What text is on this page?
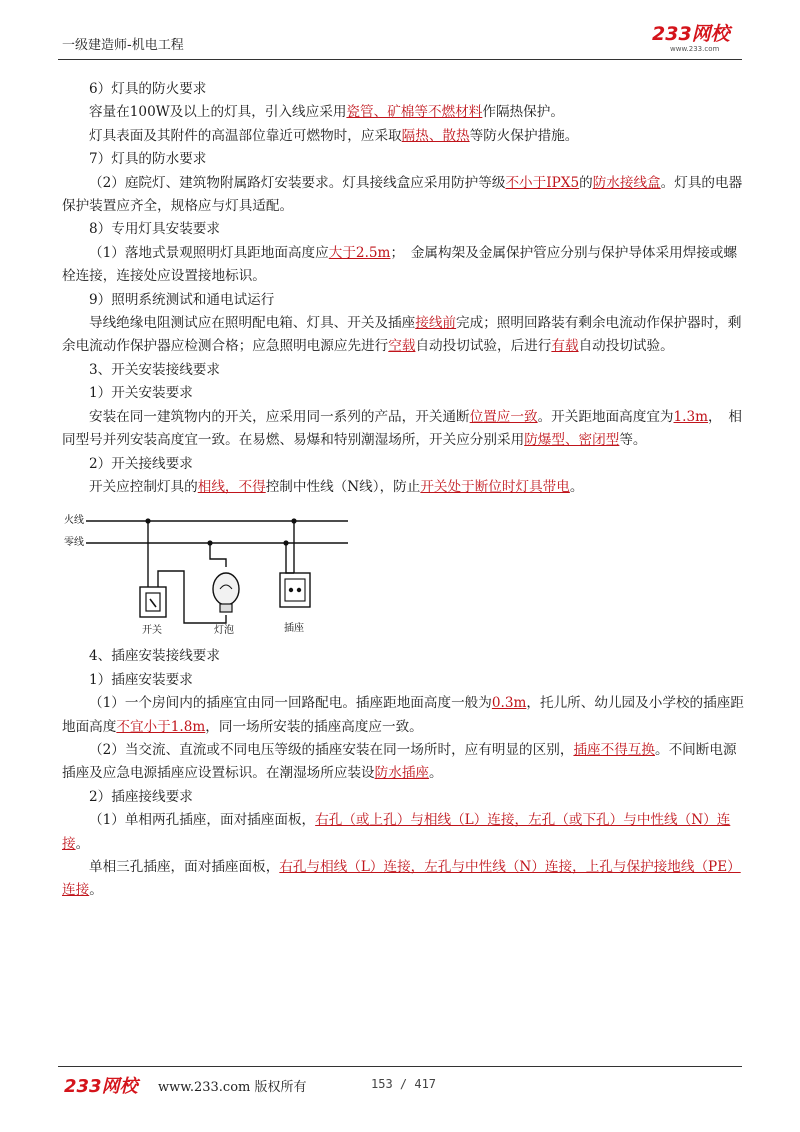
一级建造师-机电工程
233网校
www.233.com

6）灯具的防火要求

容量在100W及以上的灯具，引入线应采用瓷管、矿棉等不燃材料作隔热保护。

灯具表面及其附件的高温部位靠近可燃物时，应采取隔热、散热等防火保护措施。

7）灯具的防水要求

（2）庭院灯、建筑物附属路灯安装要求。灯具接线盒应采用防护等级不小于IPX5的防水接线盒。灯具的电器保护装置应齐全，规格应与灯具适配。

8）专用灯具安装要求

（1）落地式景观照明灯具距地面高度应大于2.5m；　金属构架及金属保护管应分别与保护导体采用焊接或螺栓连接，连接处应设置接地标识。

9）照明系统测试和通电试运行

导线绝缘电阻测试应在照明配电箱、灯具、开关及插座接线前完成；照明回路装有剩余电流动作保护器时，剩余电流动作保护器应检测合格；应急照明电源应先进行空载自动投切试验，后进行有载自动投切试验。

3、开关安装接线要求

1）开关安装要求

安装在同一建筑物内的开关，应采用同一系列的产品，开关通断位置应一致。开关距地面高度宜为1.3m，　相同型号并列安装高度宜一致。在易燃、易爆和特别潮湿场所，开关应分别采用防爆型、密闭型等。

2）开关接线要求

开关应控制灯具的相线，不得控制中性线（N线），防止开关处于断位时灯具带电。

火线
零线
开关	灯泡	插座

4、插座安装接线要求

1）插座安装要求

（1）一个房间内的插座宜由同一回路配电。插座距地面高度一般为0.3m，托儿所、幼儿园及小学校的插座距地面高度不宜小于1.8m，同一场所安装的插座高度应一致。

（2）当交流、直流或不同电压等级的插座安装在同一场所时，应有明显的区别，插座不得互换。不间断电源插座及应急电源插座应设置标识。在潮湿场所应装设防水插座。

2）插座接线要求

（1）单相两孔插座，面对插座面板，右孔（或上孔）与相线（L）连接，左孔（或下孔）与中性线（N）连接。

单相三孔插座，面对插座面板，右孔与相线（L）连接，左孔与中性线（N）连接，上孔与保护接地线（PE）连接。

233网校 www.233.com 版权所有	153 / 417
